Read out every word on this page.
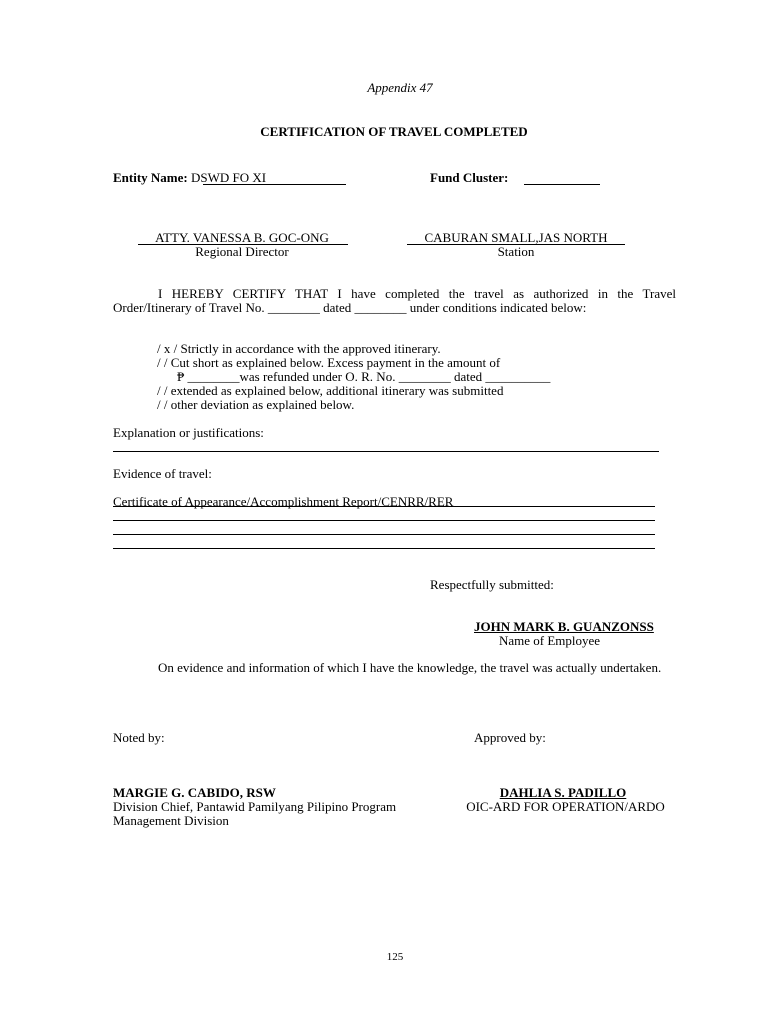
Appendix 47
CERTIFICATION OF TRAVEL COMPLETED
Entity Name: DSWD FO XI	Fund Cluster:
ATTY. VANESSA B. GOC-ONG
Regional Director
CABURAN SMALL,JAS NORTH
Station
I HEREBY CERTIFY THAT I have completed the travel as authorized in the Travel Order/Itinerary of Travel No. ________ dated ________ under conditions indicated below:
/ x / Strictly in accordance with the approved itinerary.
/ / Cut short as explained below. Excess payment in the amount of
₱ ________was refunded under O. R. No. ________ dated __________
/ / extended as explained below, additional itinerary was submitted
/ / other deviation as explained below.
Explanation or justifications:
Evidence of travel:
Certificate of Appearance/Accomplishment Report/CENRR/RER
Respectfully submitted:
JOHN MARK B. GUANZONSS
Name of Employee
On evidence and information of which I have the knowledge, the travel was actually undertaken.
Noted by:	Approved by:
MARGIE G. CABIDO, RSW
Division Chief, Pantawid Pamilyang Pilipino Program
Management Division
DAHLIA S. PADILLO
OIC-ARD FOR OPERATION/ARDO
125
